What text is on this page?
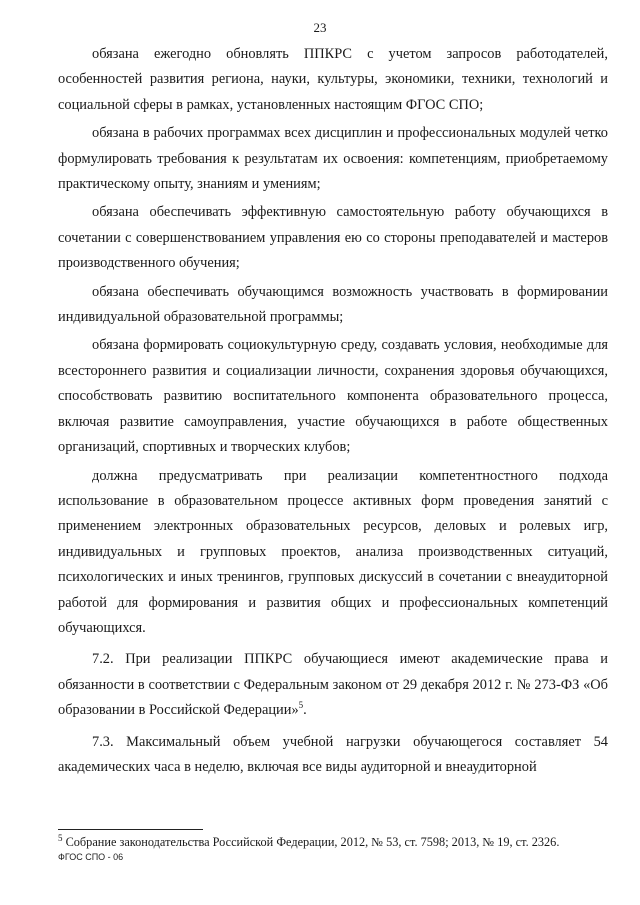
23

обязана ежегодно обновлять ППКРС с учетом запросов работодателей, особенностей развития региона, науки, культуры, экономики, техники, технологий и социальной сферы в рамках, установленных настоящим ФГОС СПО;

обязана в рабочих программах всех дисциплин и профессиональных модулей четко формулировать требования к результатам их освоения: компетенциям, приобретаемому практическому опыту, знаниям и умениям;

обязана обеспечивать эффективную самостоятельную работу обучающихся в сочетании с совершенствованием управления ею со стороны преподавателей и мастеров производственного обучения;

обязана обеспечивать обучающимся возможность участвовать в формировании индивидуальной образовательной программы;

обязана формировать социокультурную среду, создавать условия, необходимые для всестороннего развития и социализации личности, сохранения здоровья обучающихся, способствовать развитию воспитательного компонента образовательного процесса, включая развитие самоуправления, участие обучающихся в работе общественных организаций, спортивных и творческих клубов;

должна предусматривать при реализации компетентностного подхода использование в образовательном процессе активных форм проведения занятий с применением электронных образовательных ресурсов, деловых и ролевых игр, индивидуальных и групповых проектов, анализа производственных ситуаций, психологических и иных тренингов, групповых дискуссий в сочетании с внеаудиторной работой для формирования и развития общих и профессиональных компетенций обучающихся.

7.2. При реализации ППКРС обучающиеся имеют академические права и обязанности в соответствии с Федеральным законом от 29 декабря 2012 г. № 273-ФЗ «Об образовании в Российской Федерации»$^5$.

7.3. Максимальный объем учебной нагрузки обучающегося составляет 54 академических часа в неделю, включая все виды аудиторной и внеаудиторной

$^5$ Собрание законодательства Российской Федерации, 2012, № 53, ст. 7598; 2013, № 19, ст. 2326.
ФГОС СПО - 06
